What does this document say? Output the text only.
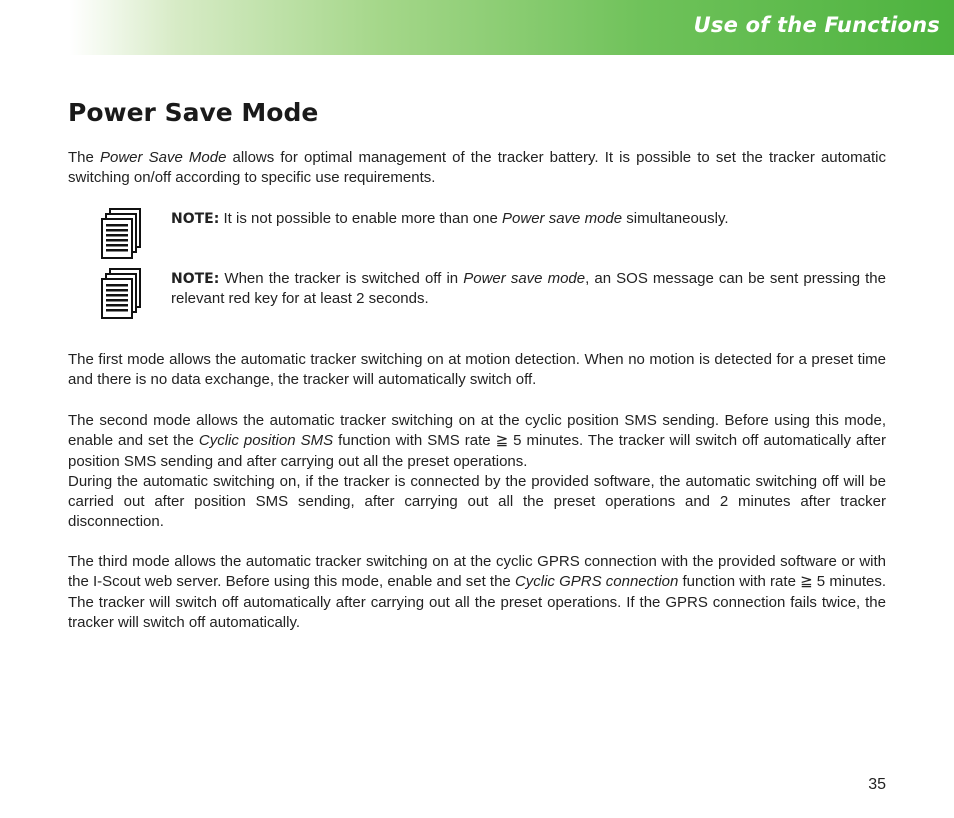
Use of the Functions
Power Save Mode

The Power Save Mode allows for optimal management of the tracker battery. It is possible to set the tracker automatic switching on/off according to specific use requirements.

NOTE: It is not possible to enable more than one Power save mode simultaneously.

NOTE: When the tracker is switched off in Power save mode, an SOS message can be sent pressing the relevant red key for at least 2 seconds.

The first mode allows the automatic tracker switching on at motion detection. When no motion is detected for a preset time and there is no data exchange, the tracker will automatically switch off.

The second mode allows the automatic tracker switching on at the cyclic position SMS sending. Before using this mode, enable and set the Cyclic position SMS function with SMS rate ≧ 5 minutes. The tracker will switch off automatically after position SMS sending and after carrying out all the preset operations.

During the automatic switching on, if the tracker is connected by the provided software, the automatic switching off will be carried out after position SMS sending, after carrying out all the preset operations and 2 minutes after tracker disconnection.

The third mode allows the automatic tracker switching on at the cyclic GPRS connection with the provided software or with the I-Scout web server. Before using this mode, enable and set the Cyclic GPRS connection function with rate ≧ 5 minutes. The tracker will switch off automatically after carrying out all the preset operations. If the GPRS connection fails twice, the tracker will switch off automatically.

35
